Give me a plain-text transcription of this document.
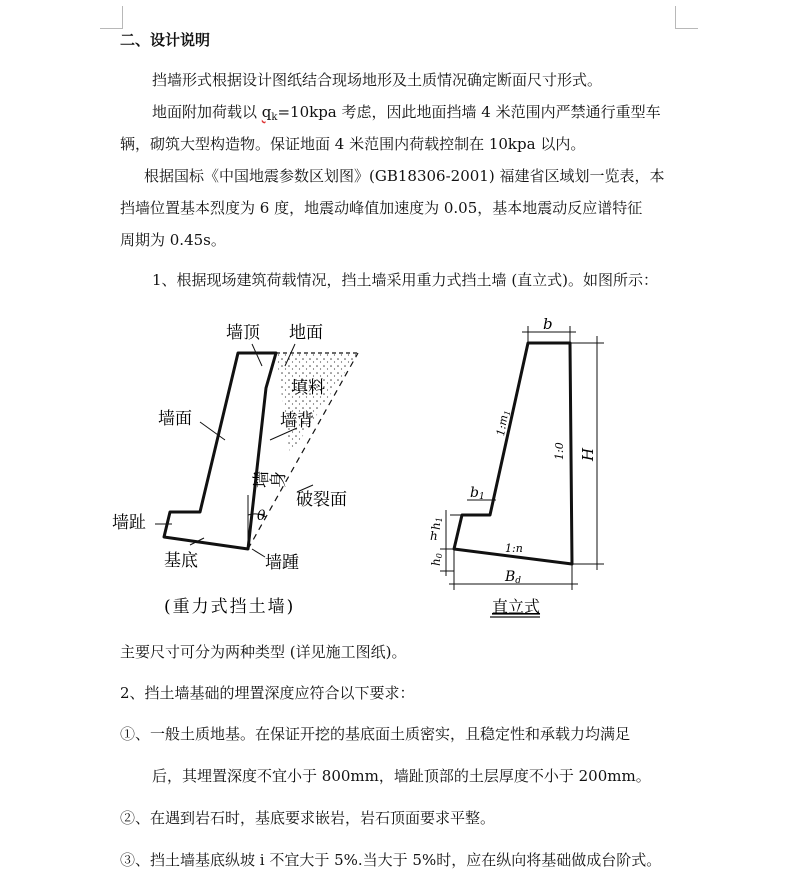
二、设计说明
挡墙形式根据设计图纸结合现场地形及土质情况确定断面尺寸形式。
地面附加荷载以 $q_k=10kpa$ 考虑，因此地面挡墙 4 米范围内严禁通行重型车
辆，砌筑大型构造物。保证地面 4 米范围内荷载控制在 10kpa 以内。
根据国标《中国地震参数区划图》(GB18306-2001) 福建省区域划一览表，本
挡墙位置基本烈度为 6 度，地震动峰值加速度为 0.05，基本地震动反应谱特征
周期为 0.45s。
1、根据现场建筑荷载情况，挡土墙采用重力式挡土墙 (直立式)。如图所示：
墙顶 地面
填料
墙面	墙背
墙身
破裂面
θ
墙趾
基底	墙踵
(重力式挡土墙)
b
1:m1
1:0 H
b1
h1
h
h0
1:n
Bd
直立式
主要尺寸可分为两种类型 (详见施工图纸)。
2、挡土墙基础的埋置深度应符合以下要求：
①、一般土质地基。在保证开挖的基底面土质密实，且稳定性和承载力均满足
后，其埋置深度不宜小于 800mm，墙趾顶部的土层厚度不小于 200mm。
②、在遇到岩石时，基底要求嵌岩，岩石顶面要求平整。
③、挡土墙基底纵坡 i 不宜大于 5%.当大于 5%时，应在纵向将基础做成台阶式。
